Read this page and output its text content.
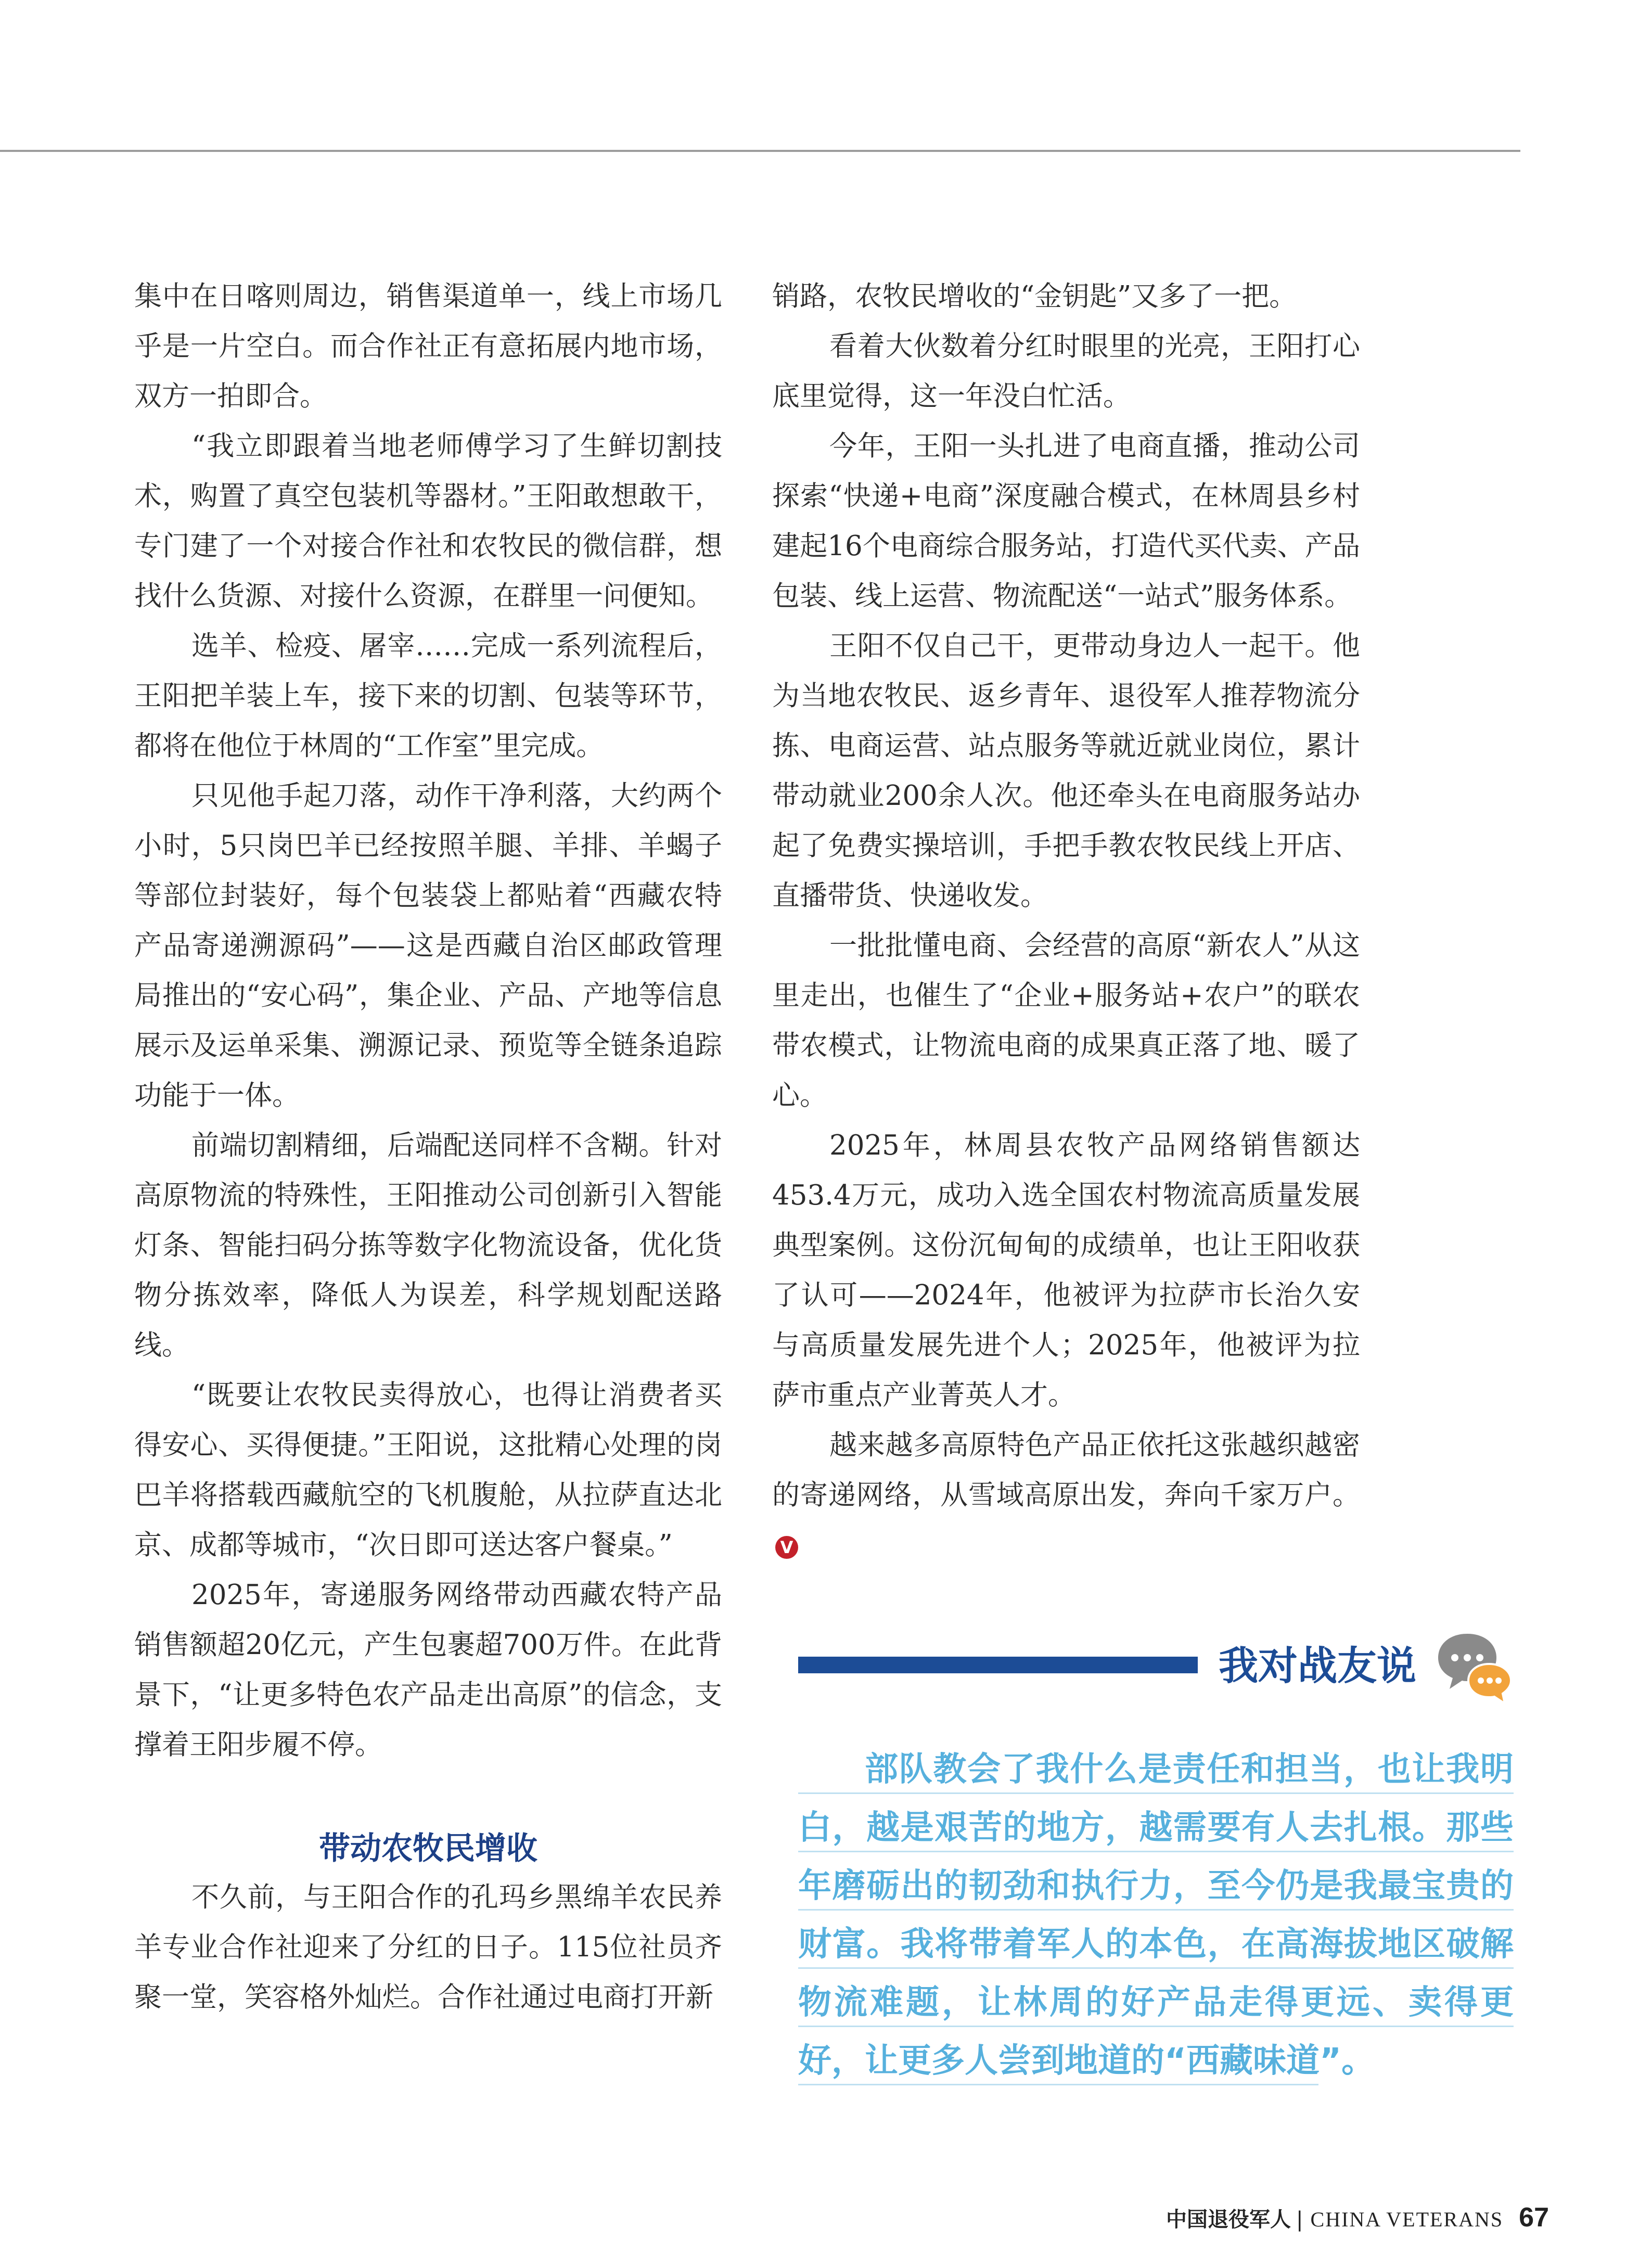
集中在日喀则周边，销售渠道单一，线上市场几乎是一片空白。而合作社正有意拓展内地市场，双方一拍即合。

“我立即跟着当地老师傅学习了生鲜切割技术，购置了真空包装机等器材。”王阳敢想敢干，专门建了一个对接合作社和农牧民的微信群，想找什么货源、对接什么资源，在群里一问便知。

选羊、检疫、屠宰……完成一系列流程后，王阳把羊装上车，接下来的切割、包装等环节，都将在他位于林周的“工作室”里完成。

只见他手起刀落，动作干净利落，大约两个小时，5只岗巴羊已经按照羊腿、羊排、羊蝎子等部位封装好，每个包装袋上都贴着“西藏农特产品寄递溯源码”——这是西藏自治区邮政管理局推出的“安心码”，集企业、产品、产地等信息展示及运单采集、溯源记录、预览等全链条追踪功能于一体。

前端切割精细，后端配送同样不含糊。针对高原物流的特殊性，王阳推动公司创新引入智能灯条、智能扫码分拣等数字化物流设备，优化货物分拣效率，降低人为误差，科学规划配送路线。

“既要让农牧民卖得放心，也得让消费者买得安心、买得便捷。”王阳说，这批精心处理的岗巴羊将搭载西藏航空的飞机腹舱，从拉萨直达北京、成都等城市，“次日即可送达客户餐桌。”

2025年，寄递服务网络带动西藏农特产品销售额超20亿元，产生包裹超700万件。在此背景下，“让更多特色农产品走出高原”的信念，支撑着王阳步履不停。

带动农牧民增收

不久前，与王阳合作的孔玛乡黑绵羊农民养羊专业合作社迎来了分红的日子。115位社员齐聚一堂，笑容格外灿烂。合作社通过电商打开新

销路，农牧民增收的“金钥匙”又多了一把。

看着大伙数着分红时眼里的光亮，王阳打心底里觉得，这一年没白忙活。

今年，王阳一头扎进了电商直播，推动公司探索“快递+电商”深度融合模式，在林周县乡村建起16个电商综合服务站，打造代买代卖、产品包装、线上运营、物流配送“一站式”服务体系。

王阳不仅自己干，更带动身边人一起干。他为当地农牧民、返乡青年、退役军人推荐物流分拣、电商运营、站点服务等就近就业岗位，累计带动就业200余人次。他还牵头在电商服务站办起了免费实操培训，手把手教农牧民线上开店、直播带货、快递收发。

一批批懂电商、会经营的高原“新农人”从这里走出，也催生了“企业+服务站+农户”的联农带农模式，让物流电商的成果真正落了地、暖了心。

2025年，林周县农牧产品网络销售额达453.4万元，成功入选全国农村物流高质量发展典型案例。这份沉甸甸的成绩单，也让王阳收获了认可——2024年，他被评为拉萨市长治久安与高质量发展先进个人；2025年，他被评为拉萨市重点产业菁英人才。

越来越多高原特色产品正依托这张越织越密的寄递网络，从雪域高原出发，奔向千家万户。V

我对战友说
部队教会了我什么是责任和担当，也让我明白，越是艰苦的地方，越需要有人去扎根。那些年磨砺出的韧劲和执行力，至今仍是我最宝贵的财富。我将带着军人的本色，在高海拔地区破解物流难题，让林周的好产品走得更远、卖得更好，让更多人尝到地道的“西藏味道”。
中国退役军人 | CHINA VETERANS 67
